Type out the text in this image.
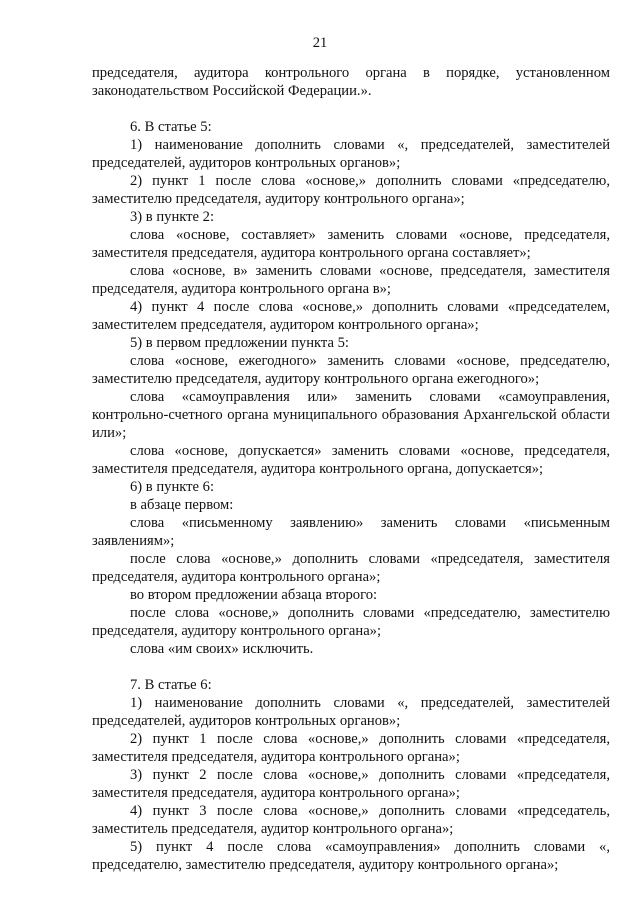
21
председателя, аудитора контрольного органа в порядке, установленном законодательством Российской Федерации.».
6. В статье 5:
1) наименование дополнить словами «, председателей, заместителей председателей, аудиторов контрольных органов»;
2) пункт 1 после слова «основе,» дополнить словами «председателю, заместителю председателя, аудитору контрольного органа»;
3) в пункте 2:
слова «основе, составляет» заменить словами «основе, председателя, заместителя председателя, аудитора контрольного органа составляет»;
слова «основе, в» заменить словами «основе, председателя, заместителя председателя, аудитора контрольного органа в»;
4) пункт 4 после слова «основе,» дополнить словами «председателем, заместителем председателя, аудитором контрольного органа»;
5) в первом предложении пункта 5:
слова «основе, ежегодного» заменить словами «основе, председателю, заместителю председателя, аудитору контрольного органа ежегодного»;
слова «самоуправления или» заменить словами «самоуправления, контрольно-счетного органа муниципального образования Архангельской области или»;
слова «основе, допускается» заменить словами «основе, председателя, заместителя председателя, аудитора контрольного органа, допускается»;
6) в пункте 6:
в абзаце первом:
слова «письменному заявлению» заменить словами «письменным заявлениям»;
после слова «основе,» дополнить словами «председателя, заместителя председателя, аудитора контрольного органа»;
во втором предложении абзаца второго:
после слова «основе,» дополнить словами «председателю, заместителю председателя, аудитору контрольного органа»;
слова «им своих» исключить.
7. В статье 6:
1) наименование дополнить словами «, председателей, заместителей председателей, аудиторов контрольных органов»;
2) пункт 1 после слова «основе,» дополнить словами «председателя, заместителя председателя, аудитора контрольного органа»;
3) пункт 2 после слова «основе,» дополнить словами «председателя, заместителя председателя, аудитора контрольного органа»;
4) пункт 3 после слова «основе,» дополнить словами «председатель, заместитель председателя, аудитор контрольного органа»;
5) пункт 4 после слова «самоуправления» дополнить словами «, председателю, заместителю председателя, аудитору контрольного органа»;
